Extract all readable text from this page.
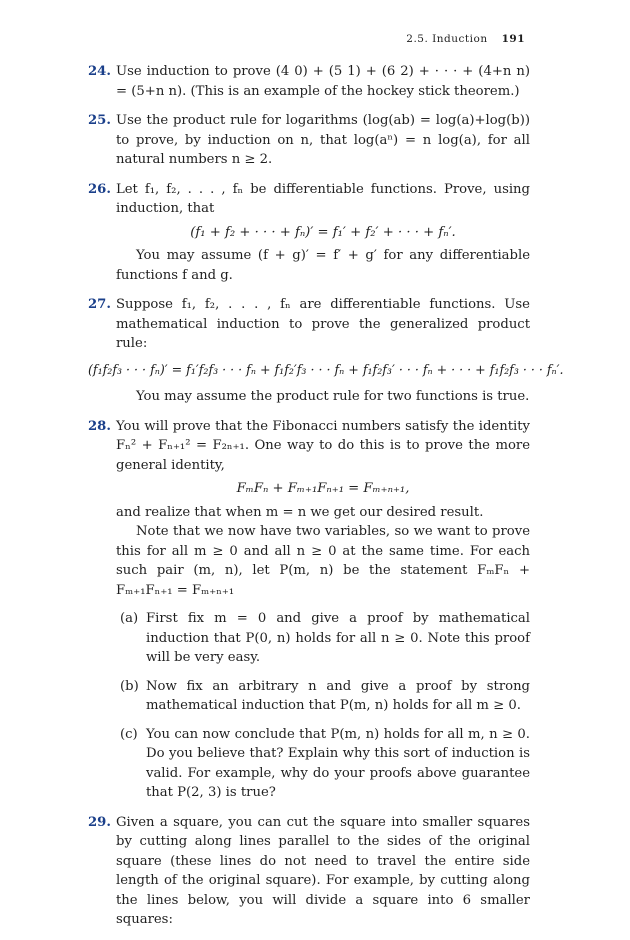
2.5. Induction 191
24. Use induction to prove (4 0) + (5 1) + (6 2) + · · · + (4+n n) = (5+n n). (This is an example of the hockey stick theorem.)
25. Use the product rule for logarithms (log(ab) = log(a)+log(b)) to prove, by induction on n, that log(aⁿ) = n log(a), for all natural numbers n ≥ 2.
26. Let f₁, f₂, . . . , fₙ be differentiable functions. Prove, using induction, that
(f₁ + f₂ + · · · + fₙ)′ = f₁′ + f₂′ + · · · + fₙ′.
You may assume (f + g)′ = f′ + g′ for any differentiable functions f and g.
27. Suppose f₁, f₂, . . . , fₙ are differentiable functions. Use mathematical induction to prove the generalized product rule:
(f₁f₂f₃ · · · fₙ)′ = f₁′f₂f₃ · · · fₙ + f₁f₂′f₃ · · · fₙ + f₁f₂f₃′ · · · fₙ + · · · + f₁f₂f₃ · · · fₙ′.
You may assume the product rule for two functions is true.
28. You will prove that the Fibonacci numbers satisfy the identity Fₙ² + Fₙ₊₁² = F₂ₙ₊₁. One way to do this is to prove the more general identity,
FₘFₙ + Fₘ₊₁Fₙ₊₁ = Fₘ₊ₙ₊₁,
and realize that when m = n we get our desired result.
Note that we now have two variables, so we want to prove this for all m ≥ 0 and all n ≥ 0 at the same time. For each such pair (m, n), let P(m, n) be the statement FₘFₙ + Fₘ₊₁Fₙ₊₁ = Fₘ₊ₙ₊₁
(a) First fix m = 0 and give a proof by mathematical induction that P(0, n) holds for all n ≥ 0. Note this proof will be very easy.
(b) Now fix an arbitrary n and give a proof by strong mathematical induction that P(m, n) holds for all m ≥ 0.
(c) You can now conclude that P(m, n) holds for all m, n ≥ 0. Do you believe that? Explain why this sort of induction is valid. For example, why do your proofs above guarantee that P(2, 3) is true?
29. Given a square, you can cut the square into smaller squares by cutting along lines parallel to the sides of the original square (these lines do not need to travel the entire side length of the original square). For example, by cutting along the lines below, you will divide a square into 6 smaller squares:
